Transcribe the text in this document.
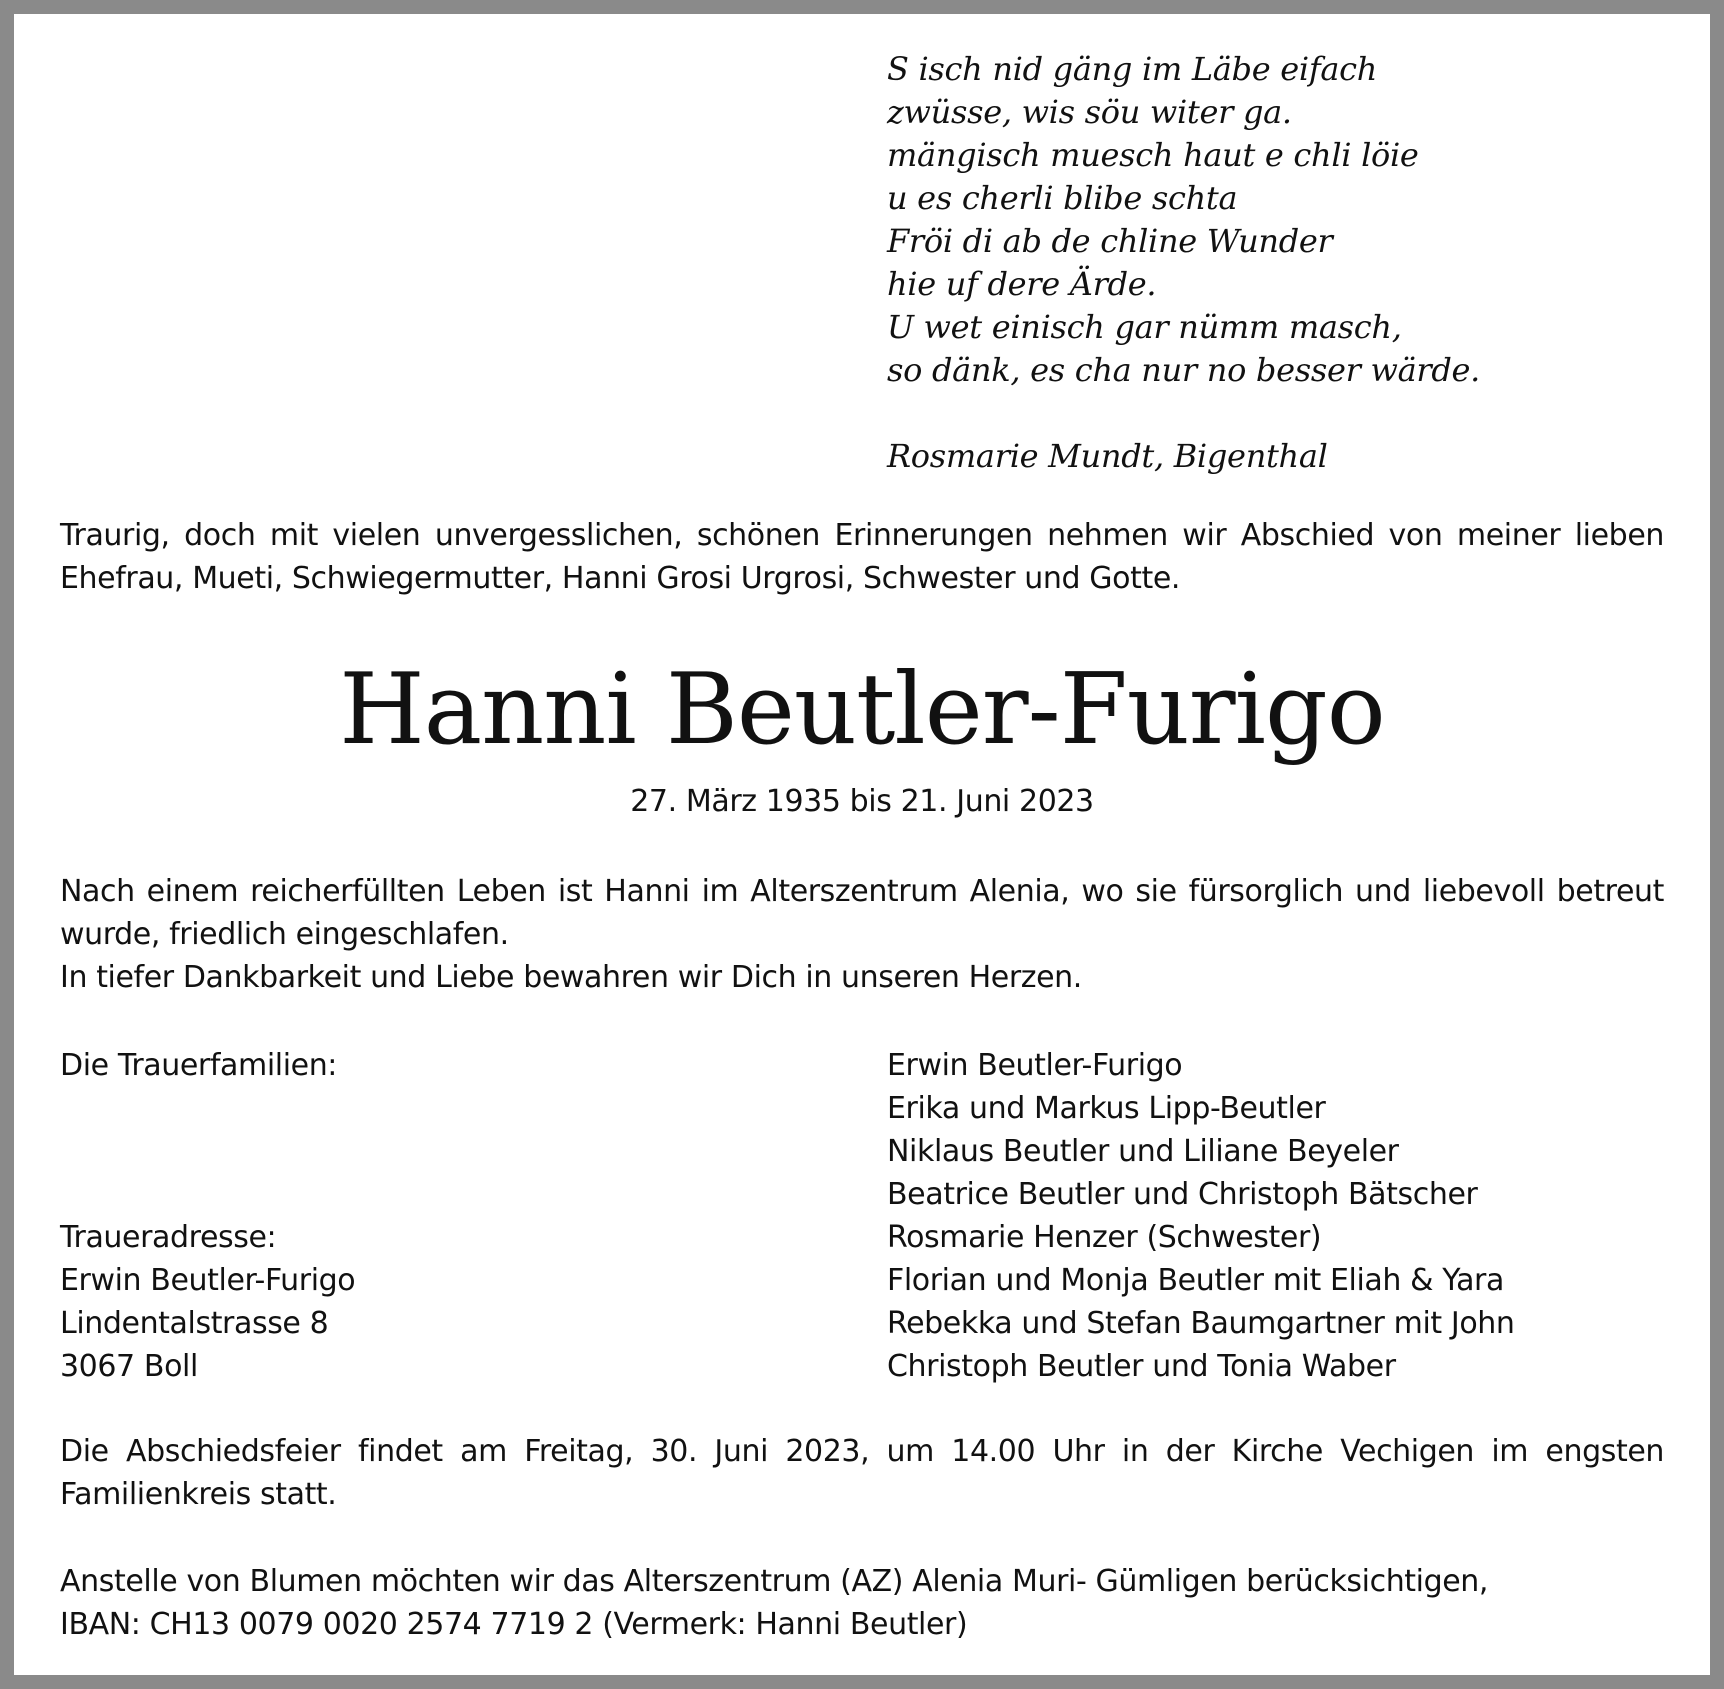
S isch nid gäng im Läbe eifach
zwüsse, wis söu witer ga.
mängisch muesch haut e chli löie
u es cherli blibe schta
Fröi di ab de chline Wunder
hie uf dere Ärde.
U wet einisch gar nümm masch,
so dänk, es cha nur no besser wärde.
Rosmarie Mundt, Bigenthal
Traurig, doch mit vielen unvergesslichen, schönen Erinnerungen nehmen wir Abschied von meiner lieben Ehefrau, Mueti, Schwiegermutter, Hanni Grosi Urgrosi, Schwester und Gotte.
Hanni Beutler-Furigo
27. März 1935 bis 21. Juni 2023
Nach einem reicherfüllten Leben ist Hanni im Alterszentrum Alenia, wo sie fürsorglich und liebevoll betreut wurde, friedlich eingeschlafen.
In tiefer Dankbarkeit und Liebe bewahren wir Dich in unseren Herzen.
Die Trauerfamilien:
Traueradresse:
Erwin Beutler-Furigo
Lindentalstrasse 8
3067 Boll
Erwin Beutler-Furigo
Erika und Markus Lipp-Beutler
Niklaus Beutler und Liliane Beyeler
Beatrice Beutler und Christoph Bätscher
Rosmarie Henzer (Schwester)
Florian und Monja Beutler mit Eliah & Yara
Rebekka und Stefan Baumgartner mit John
Christoph Beutler und Tonia Waber
Die Abschiedsfeier findet am Freitag, 30. Juni 2023, um 14.00 Uhr in der Kirche Vechigen im engsten Familienkreis statt.
Anstelle von Blumen möchten wir das Alterszentrum (AZ) Alenia Muri- Gümligen berücksichtigen,
IBAN: CH13 0079 0020 2574 7719 2 (Vermerk: Hanni Beutler)
